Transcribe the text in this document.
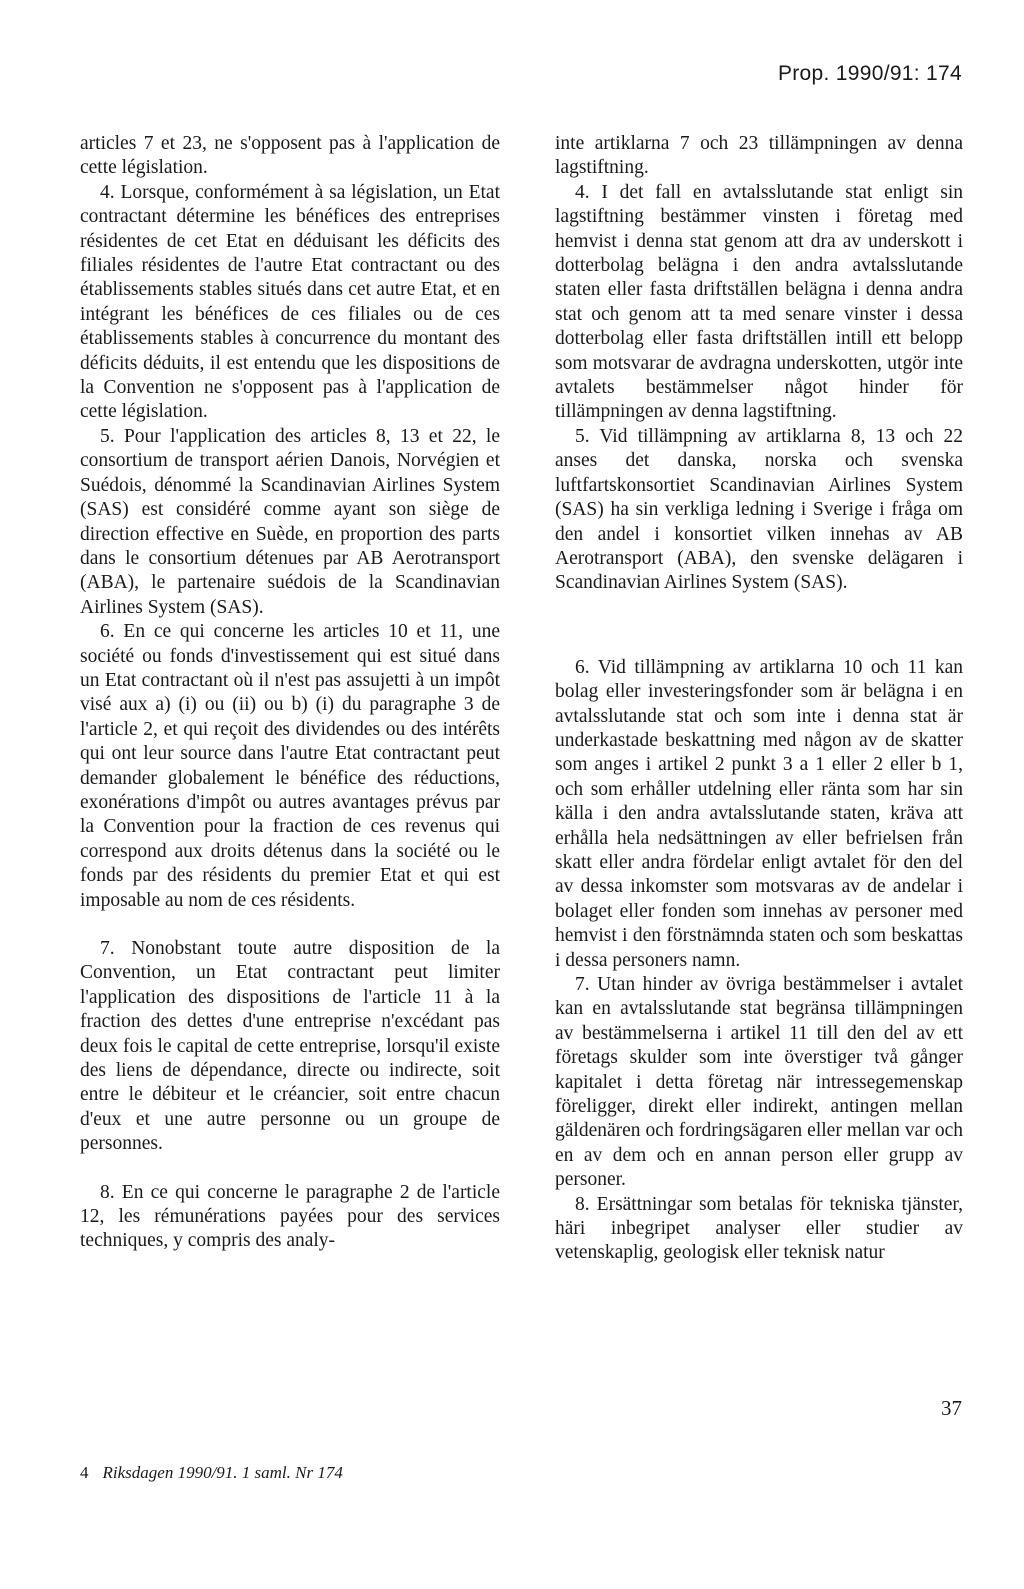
Prop. 1990/91: 174

articles 7 et 23, ne s'opposent pas à l'application de cette législation.

4. Lorsque, conformément à sa législation, un Etat contractant détermine les bénéfices des entreprises résidentes de cet Etat en déduisant les déficits des filiales résidentes de l'autre Etat contractant ou des établissements stables situés dans cet autre Etat, et en intégrant les bénéfices de ces filiales ou de ces établissements stables à concurrence du montant des déficits déduits, il est entendu que les dispositions de la Convention ne s'opposent pas à l'application de cette législation.

5. Pour l'application des articles 8, 13 et 22, le consortium de transport aérien Danois, Norvégien et Suédois, dénommé la Scandinavian Airlines System (SAS) est considéré comme ayant son siège de direction effective en Suède, en proportion des parts dans le consortium détenues par AB Aerotransport (ABA), le partenaire suédois de la Scandinavian Airlines System (SAS).

6. En ce qui concerne les articles 10 et 11, une société ou fonds d'investissement qui est situé dans un Etat contractant où il n'est pas assujetti à un impôt visé aux a) (i) ou (ii) ou b) (i) du paragraphe 3 de l'article 2, et qui reçoit des dividendes ou des intérêts qui ont leur source dans l'autre Etat contractant peut demander globalement le bénéfice des réductions, exonérations d'impôt ou autres avantages prévus par la Convention pour la fraction de ces revenus qui correspond aux droits détenus dans la société ou le fonds par des résidents du premier Etat et qui est imposable au nom de ces résidents.

7. Nonobstant toute autre disposition de la Convention, un Etat contractant peut limiter l'application des dispositions de l'article 11 à la fraction des dettes d'une entreprise n'excédant pas deux fois le capital de cette entreprise, lorsqu'il existe des liens de dépendance, directe ou indirecte, soit entre le débiteur et le créancier, soit entre chacun d'eux et une autre personne ou un groupe de personnes.

8. En ce qui concerne le paragraphe 2 de l'article 12, les rémunérations payées pour des services techniques, y compris des analy-

inte artiklarna 7 och 23 tillämpningen av denna lagstiftning.

4. I det fall en avtalsslutande stat enligt sin lagstiftning bestämmer vinsten i företag med hemvist i denna stat genom att dra av underskott i dotterbolag belägna i den andra avtalsslutande staten eller fasta driftställen belägna i denna andra stat och genom att ta med senare vinster i dessa dotterbolag eller fasta driftställen intill ett belopp som motsvarar de avdragna underskotten, utgör inte avtalets bestämmelser något hinder för tillämpningen av denna lagstiftning.

5. Vid tillämpning av artiklarna 8, 13 och 22 anses det danska, norska och svenska luftfartskonsortiet Scandinavian Airlines System (SAS) ha sin verkliga ledning i Sverige i fråga om den andel i konsortiet vilken innehas av AB Aerotransport (ABA), den svenske delägaren i Scandinavian Airlines System (SAS).

6. Vid tillämpning av artiklarna 10 och 11 kan bolag eller investeringsfonder som är belägna i en avtalsslutande stat och som inte i denna stat är underkastade beskattning med någon av de skatter som anges i artikel 2 punkt 3 a 1 eller 2 eller b 1, och som erhåller utdelning eller ränta som har sin källa i den andra avtalsslutande staten, kräva att erhålla hela nedsättningen av eller befrielsen från skatt eller andra fördelar enligt avtalet för den del av dessa inkomster som motsvaras av de andelar i bolaget eller fonden som innehas av personer med hemvist i den förstnämnda staten och som beskattas i dessa personers namn.

7. Utan hinder av övriga bestämmelser i avtalet kan en avtalsslutande stat begränsa tillämpningen av bestämmelserna i artikel 11 till den del av ett företags skulder som inte överstiger två gånger kapitalet i detta företag när intressegemenskap föreligger, direkt eller indirekt, antingen mellan gäldenären och fordringsägaren eller mellan var och en av dem och en annan person eller grupp av personer.

8. Ersättningar som betalas för tekniska tjänster, häri inbegripet analyser eller studier av vetenskaplig, geologisk eller teknisk natur

37
4 Riksdagen 1990/91. 1 saml. Nr 174
